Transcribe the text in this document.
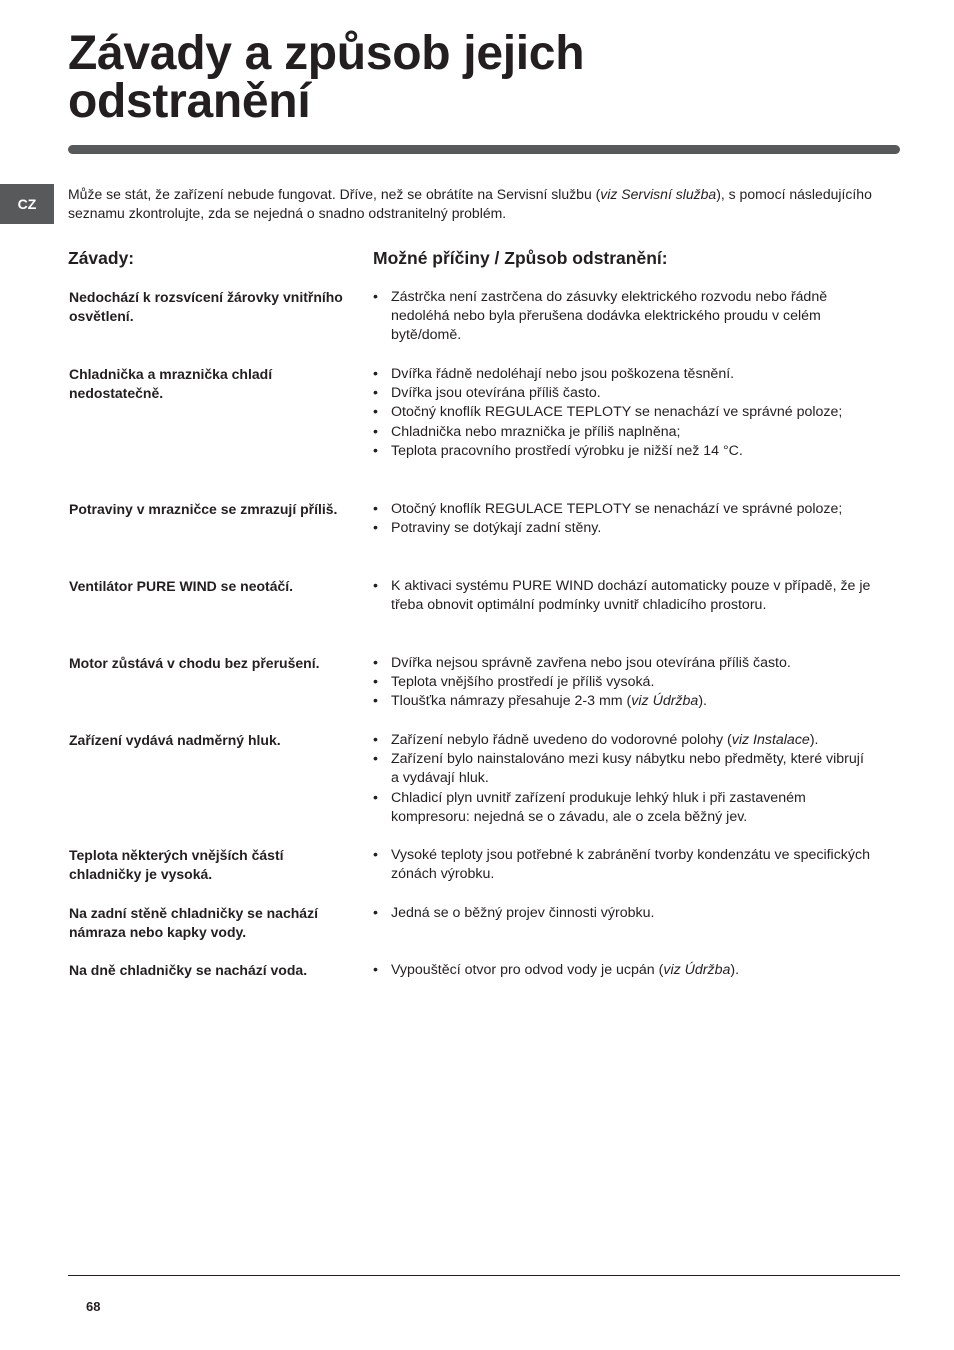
Závady a způsob jejich
odstranění
CZ

Může se stát, že zařízení nebude fungovat. Dříve, než se obrátíte na Servisní službu (viz Servisní služba), s pomocí následujícího seznamu zkontrolujte, zda se nejedná o snadno odstranitelný problém.

Závady:	Možné příčiny / Způsob odstranění:
Nedochází k rozsvícení žárovky vnitřního osvětlení.
• Zástrčka není zastrčena do zásuvky elektrického rozvodu nebo řádně nedoléhá nebo byla přerušena dodávka elektrického proudu v celém bytě/domě.
Chladnička a mraznička chladí nedostatečně.
• Dvířka řádně nedoléhají nebo jsou poškozena těsnění.
• Dvířka jsou otevírána příliš často.
• Otočný knoflík REGULACE TEPLOTY se nenachází ve správné poloze;
• Chladnička nebo mraznička je příliš naplněna;
• Teplota pracovního prostředí výrobku je nižší než 14 °C.
Potraviny v mrazničce se zmrazují příliš.	• Otočný knoflík REGULACE TEPLOTY se nenachází ve správné poloze;
• Potraviny se dotýkají zadní stěny.
Ventilátor PURE WIND se neotáčí.	• K aktivaci systému PURE WIND dochází automaticky pouze v případě, že je třeba obnovit optimální podmínky uvnitř chladicího prostoru.
Motor zůstává v chodu bez přerušení.	• Dvířka nejsou správně zavřena nebo jsou otevírána příliš často.
• Teplota vnějšího prostředí je příliš vysoká.
• Tloušťka námrazy přesahuje 2-3 mm (viz Údržba).
Zařízení vydává nadměrný hluk.	• Zařízení nebylo řádně uvedeno do vodorovné polohy (viz Instalace).
• Zařízení bylo nainstalováno mezi kusy nábytku nebo předměty, které vibrují a vydávají hluk.
• Chladicí plyn uvnitř zařízení produkuje lehký hluk i při zastaveném kompresoru: nejedná se o závadu, ale o zcela běžný jev.
Teplota některých vnějších částí chladničky je vysoká.
• Vysoké teploty jsou potřebné k zabránění tvorby kondenzátu ve specifických zónách výrobku.
Na zadní stěně chladničky se nachází námraza nebo kapky vody.
• Jedná se o běžný projev činnosti výrobku.
Na dně chladničky se nachází voda.	• Vypouštěcí otvor pro odvod vody je ucpán (viz Údržba).
68
